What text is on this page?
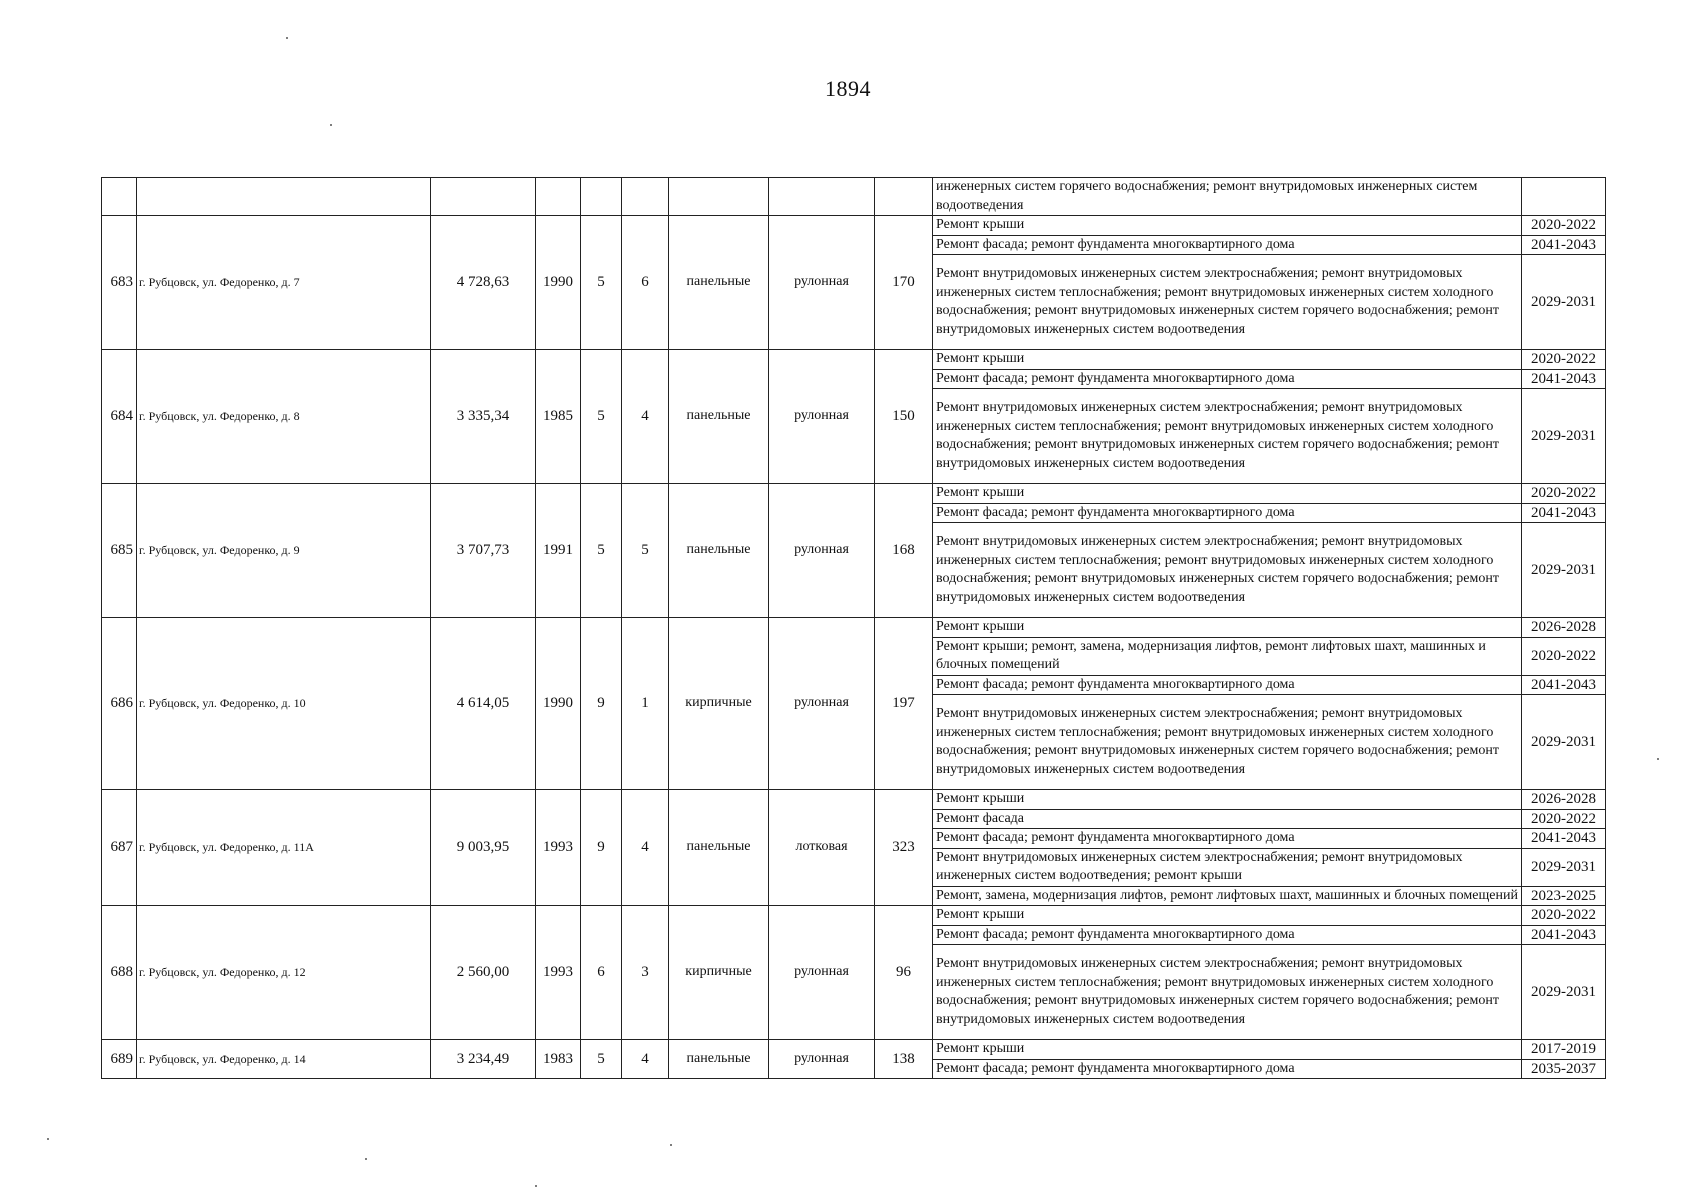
1894
									инженерных систем горячего водоснабжения; ремонт внутридомовых инженерных систем водоотведения	
683	г. Рубцовск, ул. Федоренко, д. 7	4 728,63	1990	5	6	панельные	рулонная	170	Ремонт крыши	2020-2022
									Ремонт фасада; ремонт фундамента многоквартирного дома	2041-2043
									Ремонт внутридомовых инженерных систем электроснабжения; ремонт внутридомовых инженерных систем теплоснабжения; ремонт внутридомовых инженерных систем холодного водоснабжения; ремонт внутридомовых инженерных систем горячего водоснабжения; ремонт внутридомовых инженерных систем водоотведения	2029-2031
684	г. Рубцовск, ул. Федоренко, д. 8	3 335,34	1985	5	4	панельные	рулонная	150	Ремонт крыши	2020-2022
									Ремонт фасада; ремонт фундамента многоквартирного дома	2041-2043
									Ремонт внутридомовых инженерных систем электроснабжения; ремонт внутридомовых инженерных систем теплоснабжения; ремонт внутридомовых инженерных систем холодного водоснабжения; ремонт внутридомовых инженерных систем горячего водоснабжения; ремонт внутридомовых инженерных систем водоотведения	2029-2031
685	г. Рубцовск, ул. Федоренко, д. 9	3 707,73	1991	5	5	панельные	рулонная	168	Ремонт крыши	2020-2022
									Ремонт фасада; ремонт фундамента многоквартирного дома	2041-2043
									Ремонт внутридомовых инженерных систем электроснабжения; ремонт внутридомовых инженерных систем теплоснабжения; ремонт внутридомовых инженерных систем холодного водоснабжения; ремонт внутридомовых инженерных систем горячего водоснабжения; ремонт внутридомовых инженерных систем водоотведения	2029-2031
686	г. Рубцовск, ул. Федоренко, д. 10	4 614,05	1990	9	1	кирпичные	рулонная	197	Ремонт крыши	2026-2028
									Ремонт крыши; ремонт, замена, модернизация лифтов, ремонт лифтовых шахт, машинных и блочных помещений	2020-2022
									Ремонт фасада; ремонт фундамента многоквартирного дома	2041-2043
									Ремонт внутридомовых инженерных систем электроснабжения; ремонт внутридомовых инженерных систем теплоснабжения; ремонт внутридомовых инженерных систем холодного водоснабжения; ремонт внутридомовых инженерных систем горячего водоснабжения; ремонт внутридомовых инженерных систем водоотведения	2029-2031
687	г. Рубцовск, ул. Федоренко, д. 11А	9 003,95	1993	9	4	панельные	лотковая	323	Ремонт крыши	2026-2028
									Ремонт фасада	2020-2022
									Ремонт фасада; ремонт фундамента многоквартирного дома	2041-2043
									Ремонт внутридомовых инженерных систем электроснабжения; ремонт внутридомовых инженерных систем водоотведения; ремонт крыши	2029-2031
									Ремонт, замена, модернизация лифтов, ремонт лифтовых шахт, машинных и блочных помещений	2023-2025
688	г. Рубцовск, ул. Федоренко, д. 12	2 560,00	1993	6	3	кирпичные	рулонная	96	Ремонт крыши	2020-2022
									Ремонт фасада; ремонт фундамента многоквартирного дома	2041-2043
									Ремонт внутридомовых инженерных систем электроснабжения; ремонт внутридомовых инженерных систем теплоснабжения; ремонт внутридомовых инженерных систем холодного водоснабжения; ремонт внутридомовых инженерных систем горячего водоснабжения; ремонт внутридомовых инженерных систем водоотведения	2029-2031
689	г. Рубцовск, ул. Федоренко, д. 14	3 234,49	1983	5	4	панельные	рулонная	138	Ремонт крыши	2017-2019
									Ремонт фасада; ремонт фундамента многоквартирного дома	2035-2037
